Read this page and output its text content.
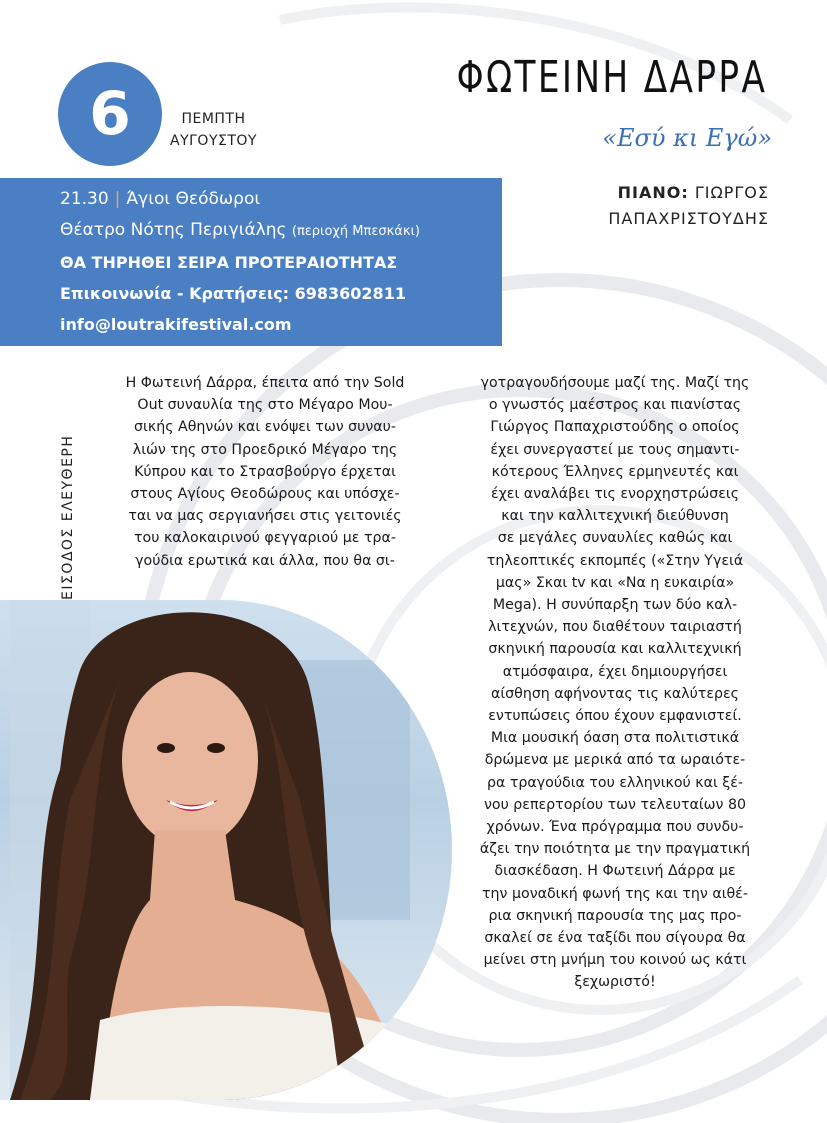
6	ΠΕΜΠΤΗ
ΑΥΓΟΥΣΤΟΥ
ΦΩΤΕΙΝΗ ΔΑΡΡΑ
«Εσύ κι Εγώ»
ΠΙΑΝΟ: ΓΙΩΡΓΟΣ
ΠΑΠΑΧΡΙΣΤΟΥΔΗΣ
21.30 | Άγιοι Θεόδωροι
Θέατρο Νότης Περιγιάλης (περιοχή Μπεσκάκι)
ΘΑ ΤΗΡΗΘΕΙ ΣΕΙΡΑ ΠΡΟΤΕΡΑΙΟΤΗΤΑΣ
Επικοινωνία - Κρατήσεις: 6983602811
info@loutrakifestival.com
ΕΙΣΟΔΟΣ ΕΛΕΥΘΕΡΗ

Η Φωτεινή Δάρρα, έπειτα από την Sold

Out συναυλία της στο Μέγαρο Μου-

σικής Αθηνών και ενόψει των συναυ-

λιών της στο Προεδρικό Μέγαρο της

Κύπρου και το Στρασβούργο έρχεται

στους Αγίους Θεοδώρους και υπόσχε-

ται να μας σεργιανήσει στις γειτονιές

του καλοκαιρινού φεγγαριού με τρα-

γούδια ερωτικά και άλλα, που θα σι-

γοτραγουδήσουμε μαζί της. Μαζί της

ο γνωστός μαέστρος και πιανίστας

Γιώργος Παπαχριστούδης ο οποίος

έχει συνεργαστεί με τους σημαντι-

κότερους Έλληνες ερμηνευτές και

έχει αναλάβει τις ενορχηστρώσεις

και την καλλιτεχνική διεύθυνση

σε μεγάλες συναυλίες καθώς και

τηλεοπτικές εκπομπές («Στην Υγειά

μας» Σκαι tv και «Να η ευκαιρία»

Mega). Η συνύπαρξη των δύο καλ-

λιτεχνών, που διαθέτουν ταιριαστή

σκηνική παρουσία και καλλιτεχνική

ατμόσφαιρα, έχει δημιουργήσει

αίσθηση αφήνοντας τις καλύτερες

εντυπώσεις όπου έχουν εμφανιστεί.

Μια μουσική όαση στα πολιτιστικά

δρώμενα με μερικά από τα ωραιότε-

ρα τραγούδια του ελληνικού και ξέ-

νου ρεπερτορίου των τελευταίων 80

χρόνων. Ένα πρόγραμμα που συνδυ-

άζει την ποιότητα με την πραγματική

διασκέδαση. Η Φωτεινή Δάρρα με

την μοναδική φωνή της και την αιθέ-

ρια σκηνική παρουσία της μας προ-

σκαλεί σε ένα ταξίδι που σίγουρα θα

μείνει στη μνήμη του κοινού ως κάτι

ξεχωριστό!
